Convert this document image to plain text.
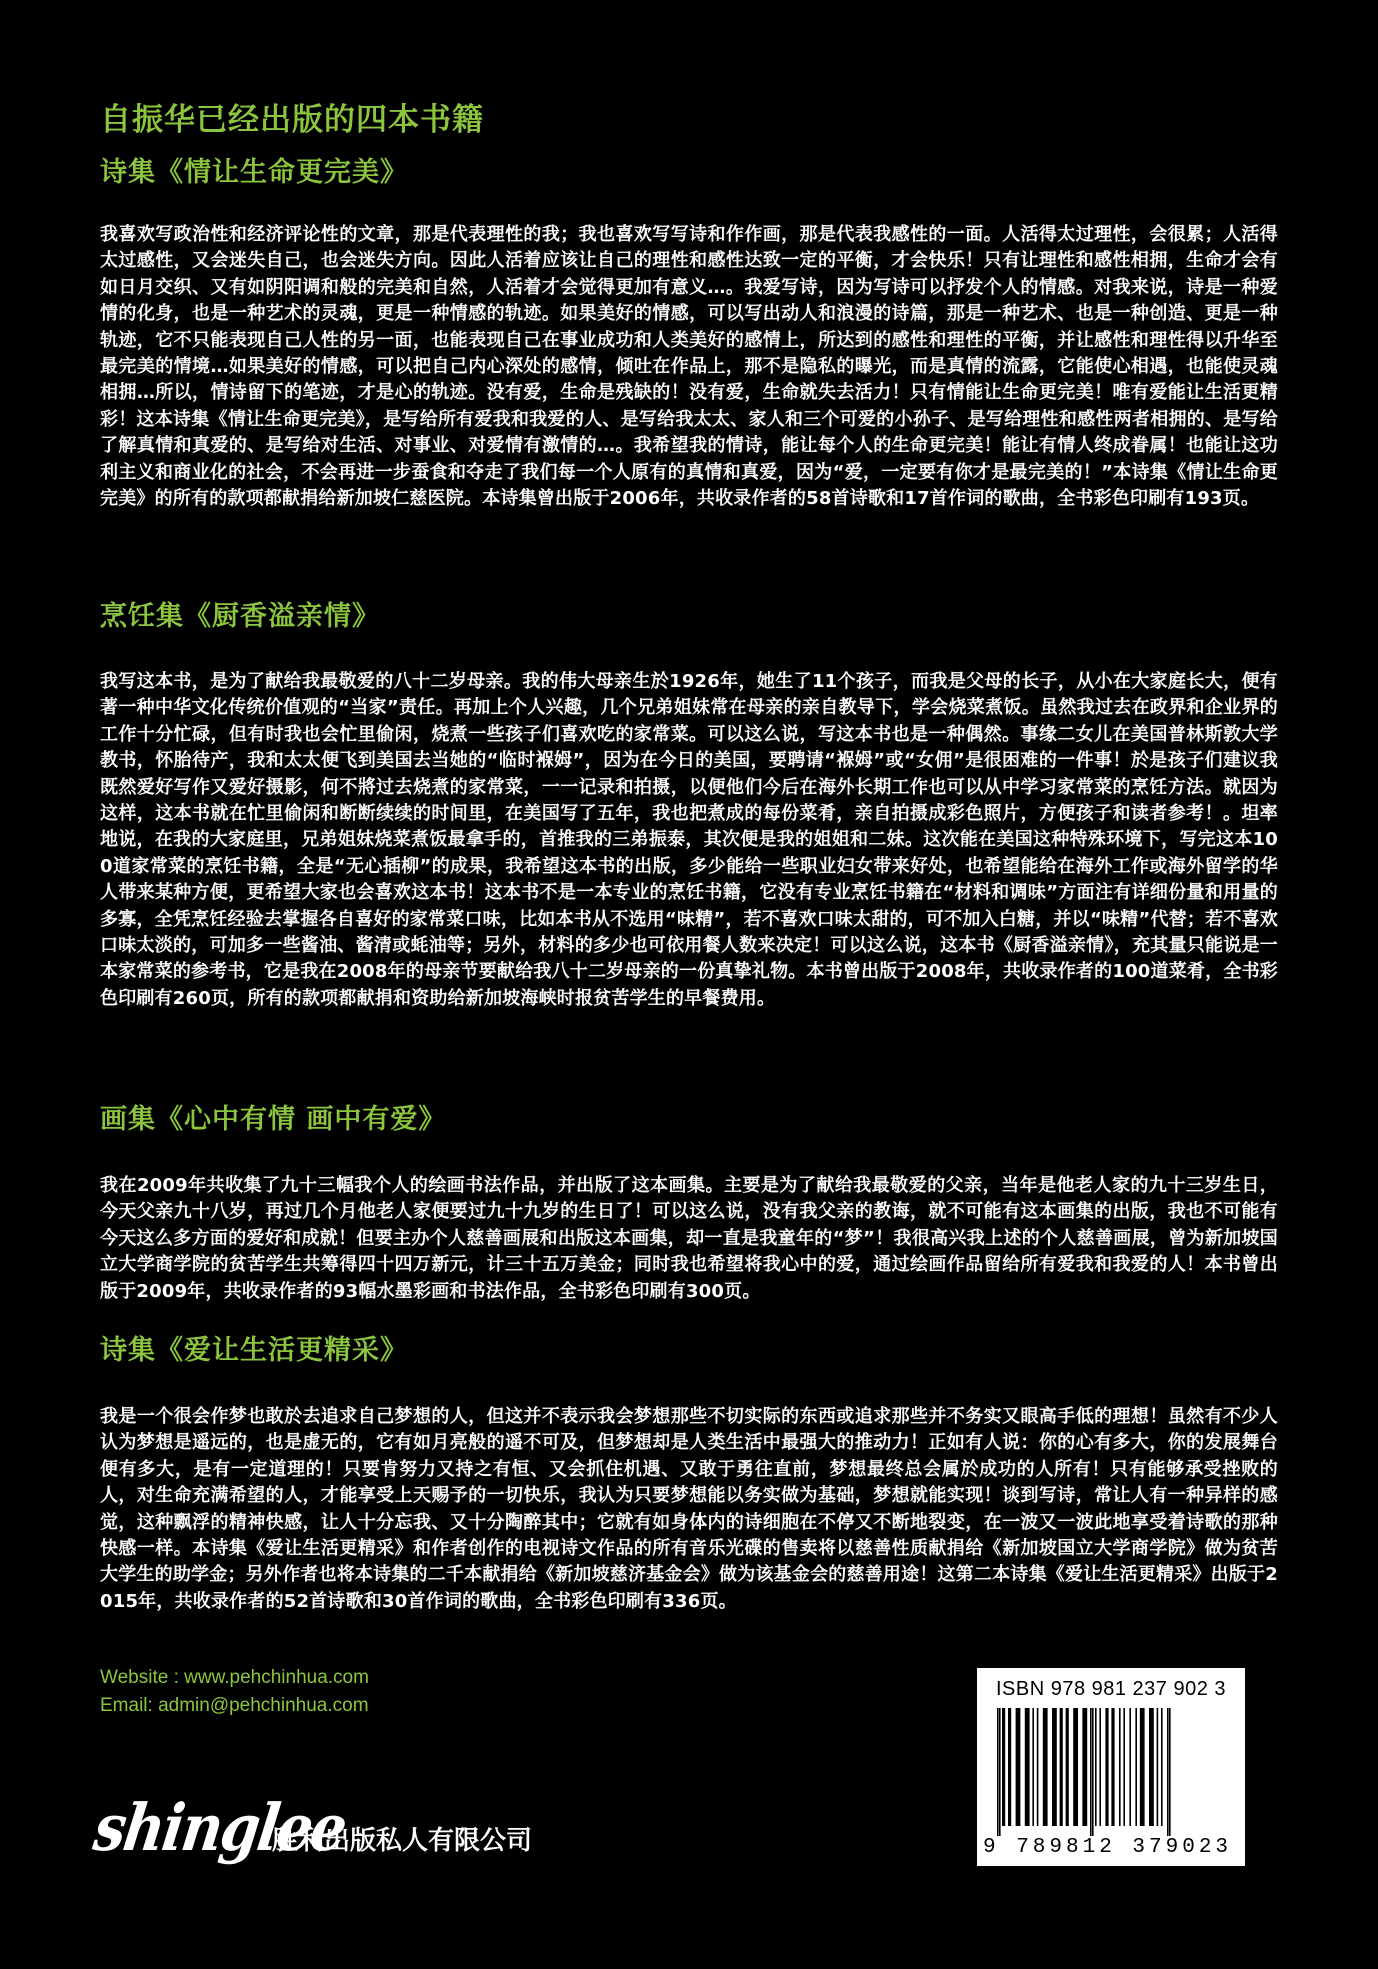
自振华已经出版的四本书籍
诗集《情让生命更完美》

我喜欢写政治性和经济评论性的文章，那是代表理性的我；我也喜欢写写诗和作作画，那是代表我感性的一面。人活得太过理性，会很累；人活得太过感性，又会迷失自己，也会迷失方向。因此人活着应该让自己的理性和感性达致一定的平衡，才会快乐！只有让理性和感性相拥，生命才会有如日月交织、又有如阴阳调和般的完美和自然，人活着才会觉得更加有意义…。我爱写诗，因为写诗可以抒发个人的情感。对我来说，诗是一种爱情的化身，也是一种艺术的灵魂，更是一种情感的轨迹。如果美好的情感，可以写出动人和浪漫的诗篇，那是一种艺术、也是一种创造、更是一种轨迹，它不只能表现自己人性的另一面，也能表现自己在事业成功和人类美好的感情上，所达到的感性和理性的平衡，并让感性和理性得以升华至最完美的情境…如果美好的情感，可以把自己内心深处的感情，倾吐在作品上，那不是隐私的曝光，而是真情的流露，它能使心相遇，也能使灵魂相拥…所以，情诗留下的笔迹，才是心的轨迹。没有爱，生命是残缺的！没有爱，生命就失去活力！只有情能让生命更完美！唯有爱能让生活更精彩！这本诗集《情让生命更完美》，是写给所有爱我和我爱的人、是写给我太太、家人和三个可爱的小孙子、是写给理性和感性两者相拥的、是写给了解真情和真爱的、是写给对生活、对事业、对爱情有激情的…。我希望我的情诗，能让每个人的生命更完美！能让有情人终成眷属！也能让这功利主义和商业化的社会，不会再进一步蚕食和夺走了我们每一个人原有的真情和真爱，因为“爱，一定要有你才是最完美的！”本诗集《情让生命更完美》的所有的款项都献捐给新加坡仁慈医院。本诗集曾出版于2006年，共收录作者的58首诗歌和17首作词的歌曲，全书彩色印刷有193页。

烹饪集《厨香溢亲情》

我写这本书，是为了献给我最敬爱的八十二岁母亲。我的伟大母亲生於1926年，她生了11个孩子，而我是父母的长子，从小在大家庭长大，便有著一种中华文化传统价值观的“当家”责任。再加上个人兴趣，几个兄弟姐妹常在母亲的亲自教导下，学会烧菜煮饭。虽然我过去在政界和企业界的工作十分忙碌，但有时我也会忙里偷闲，烧煮一些孩子们喜欢吃的家常菜。可以这么说，写这本书也是一种偶然。事缘二女儿在美国普林斯敦大学教书，怀胎待产，我和太太便飞到美国去当她的“临时褓姆”，因为在今日的美国，要聘请“褓姆”或“女佣”是很困难的一件事！於是孩子们建议我既然爱好写作又爱好摄影，何不將过去烧煮的家常菜，一一记录和拍摄，以便他们今后在海外长期工作也可以从中学习家常菜的烹饪方法。就因为这样，这本书就在忙里偷闲和断断续续的时间里，在美国写了五年，我也把煮成的每份菜肴，亲自拍摄成彩色照片，方便孩子和读者参考！。坦率地说，在我的大家庭里，兄弟姐妹烧菜煮饭最拿手的，首推我的三弟振泰，其次便是我的姐姐和二妹。这次能在美国这种特殊环境下，写完这本100道家常菜的烹饪书籍，全是“无心插柳”的成果，我希望这本书的出版，多少能给一些职业妇女带来好处，也希望能给在海外工作或海外留学的华人带来某种方便，更希望大家也会喜欢这本书！这本书不是一本专业的烹饪书籍，它没有专业烹饪书籍在“材料和调味”方面注有详细份量和用量的多寡，全凭烹饪经验去掌握各自喜好的家常菜口味，比如本书从不选用“味精”，若不喜欢口味太甜的，可不加入白糖，并以“味精”代替；若不喜欢口味太淡的，可加多一些酱油、酱清或蚝油等；另外，材料的多少也可依用餐人数来决定！可以这么说，这本书《厨香溢亲情》，充其量只能说是一本家常菜的参考书，它是我在2008年的母亲节要献给我八十二岁母亲的一份真挚礼物。本书曾出版于2008年，共收录作者的100道菜肴，全书彩色印刷有260页，所有的款项都献捐和资助给新加坡海峡时报贫苦学生的早餐费用。

画集《心中有情 画中有爱》

我在2009年共收集了九十三幅我个人的绘画书法作品，并出版了这本画集。主要是为了献给我最敬爱的父亲，当年是他老人家的九十三岁生日，今天父亲九十八岁，再过几个月他老人家便要过九十九岁的生日了！可以这么说，没有我父亲的教诲，就不可能有这本画集的出版，我也不可能有今天这么多方面的爱好和成就！但要主办个人慈善画展和出版这本画集，却一直是我童年的“梦”！我很高兴我上述的个人慈善画展，曾为新加坡国立大学商学院的贫苦学生共筹得四十四万新元，计三十五万美金；同时我也希望将我心中的爱，通过绘画作品留给所有爱我和我爱的人！本书曾出版于2009年，共收录作者的93幅水墨彩画和书法作品，全书彩色印刷有300页。

诗集《爱让生活更精采》

我是一个很会作梦也敢於去追求自己梦想的人，但这并不表示我会梦想那些不切实际的东西或追求那些并不务实又眼高手低的理想！虽然有不少人认为梦想是遥远的，也是虚无的，它有如月亮般的遥不可及，但梦想却是人类生活中最强大的推动力！正如有人说：你的心有多大，你的发展舞台便有多大，是有一定道理的！只要肯努力又持之有恒、又会抓住机遇、又敢于勇往直前，梦想最终总会属於成功的人所有！只有能够承受挫败的人，对生命充满希望的人，才能享受上天赐予的一切快乐，我认为只要梦想能以务实做为基础，梦想就能实现！谈到写诗，常让人有一种异样的感觉，这种飘浮的精神快感，让人十分忘我、又十分陶醉其中；它就有如身体内的诗细胞在不停又不断地裂变，在一波又一波此地享受着诗歌的那种快感一样。本诗集《爱让生活更精采》和作者创作的电视诗文作品的所有音乐光碟的售卖将以慈善性质献捐给《新加坡国立大学商学院》做为贫苦大学生的助学金；另外作者也将本诗集的二千本献捐给《新加坡慈济基金会》做为该基金会的慈善用途！这第二本诗集《爱让生活更精采》出版于2015年，共收录作者的52首诗歌和30首作词的歌曲，全书彩色印刷有336页。

Website : www.pehchinhua.com
Email: admin@pehchinhua.com
shinglee
胜利出版私人有限公司
ISBN 978 981 237 902 3
9 789812 379023
